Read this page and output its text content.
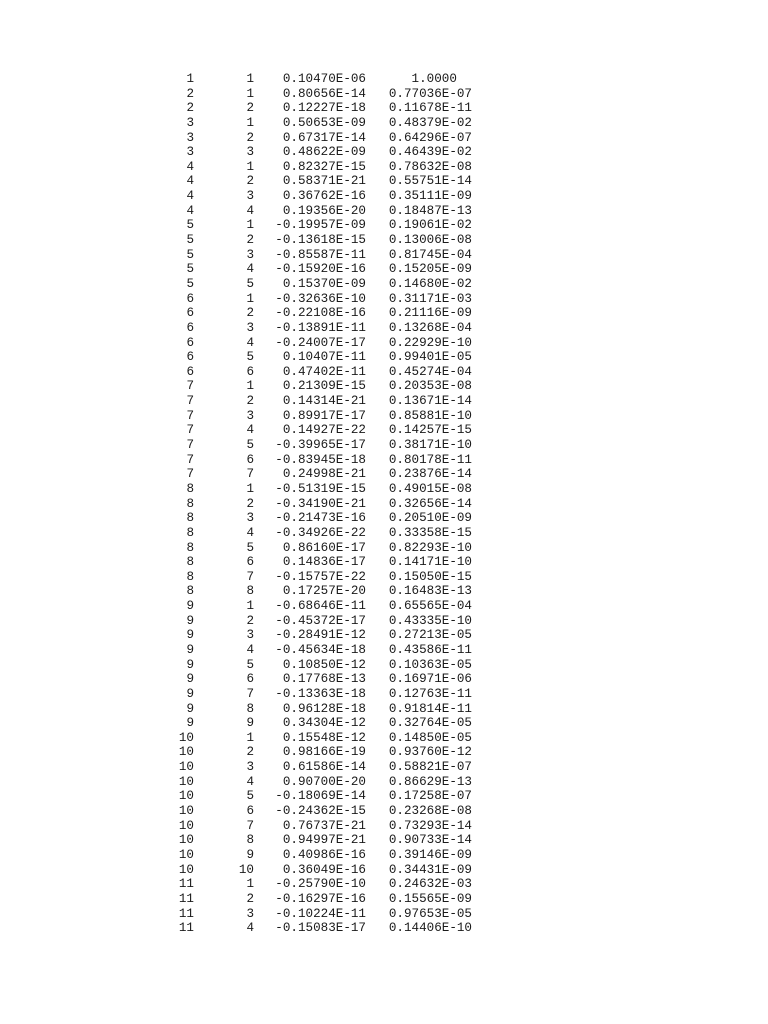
1	1	0.10470E-06	1.0000
2	1	0.80656E-14	0.77036E-07
2	2	0.12227E-18	0.11678E-11
3	1	0.50653E-09	0.48379E-02
3	2	0.67317E-14	0.64296E-07
3	3	0.48622E-09	0.46439E-02
4	1	0.82327E-15	0.78632E-08
4	2	0.58371E-21	0.55751E-14
4	3	0.36762E-16	0.35111E-09
4	4	0.19356E-20	0.18487E-13
5	1	-0.19957E-09	0.19061E-02
5	2	-0.13618E-15	0.13006E-08
5	3	-0.85587E-11	0.81745E-04
5	4	-0.15920E-16	0.15205E-09
5	5	0.15370E-09	0.14680E-02
6	1	-0.32636E-10	0.31171E-03
6	2	-0.22108E-16	0.21116E-09
6	3	-0.13891E-11	0.13268E-04
6	4	-0.24007E-17	0.22929E-10
6	5	0.10407E-11	0.99401E-05
6	6	0.47402E-11	0.45274E-04
7	1	0.21309E-15	0.20353E-08
7	2	0.14314E-21	0.13671E-14
7	3	0.89917E-17	0.85881E-10
7	4	0.14927E-22	0.14257E-15
7	5	-0.39965E-17	0.38171E-10
7	6	-0.83945E-18	0.80178E-11
7	7	0.24998E-21	0.23876E-14
8	1	-0.51319E-15	0.49015E-08
8	2	-0.34190E-21	0.32656E-14
8	3	-0.21473E-16	0.20510E-09
8	4	-0.34926E-22	0.33358E-15
8	5	0.86160E-17	0.82293E-10
8	6	0.14836E-17	0.14171E-10
8	7	-0.15757E-22	0.15050E-15
8	8	0.17257E-20	0.16483E-13
9	1	-0.68646E-11	0.65565E-04
9	2	-0.45372E-17	0.43335E-10
9	3	-0.28491E-12	0.27213E-05
9	4	-0.45634E-18	0.43586E-11
9	5	0.10850E-12	0.10363E-05
9	6	0.17768E-13	0.16971E-06
9	7	-0.13363E-18	0.12763E-11
9	8	0.96128E-18	0.91814E-11
9	9	0.34304E-12	0.32764E-05
10	1	0.15548E-12	0.14850E-05
10	2	0.98166E-19	0.93760E-12
10	3	0.61586E-14	0.58821E-07
10	4	0.90700E-20	0.86629E-13
10	5	-0.18069E-14	0.17258E-07
10	6	-0.24362E-15	0.23268E-08
10	7	0.76737E-21	0.73293E-14
10	8	0.94997E-21	0.90733E-14
10	9	0.40986E-16	0.39146E-09
10	10	0.36049E-16	0.34431E-09
11	1	-0.25790E-10	0.24632E-03
11	2	-0.16297E-16	0.15565E-09
11	3	-0.10224E-11	0.97653E-05
11	4	-0.15083E-17	0.14406E-10
